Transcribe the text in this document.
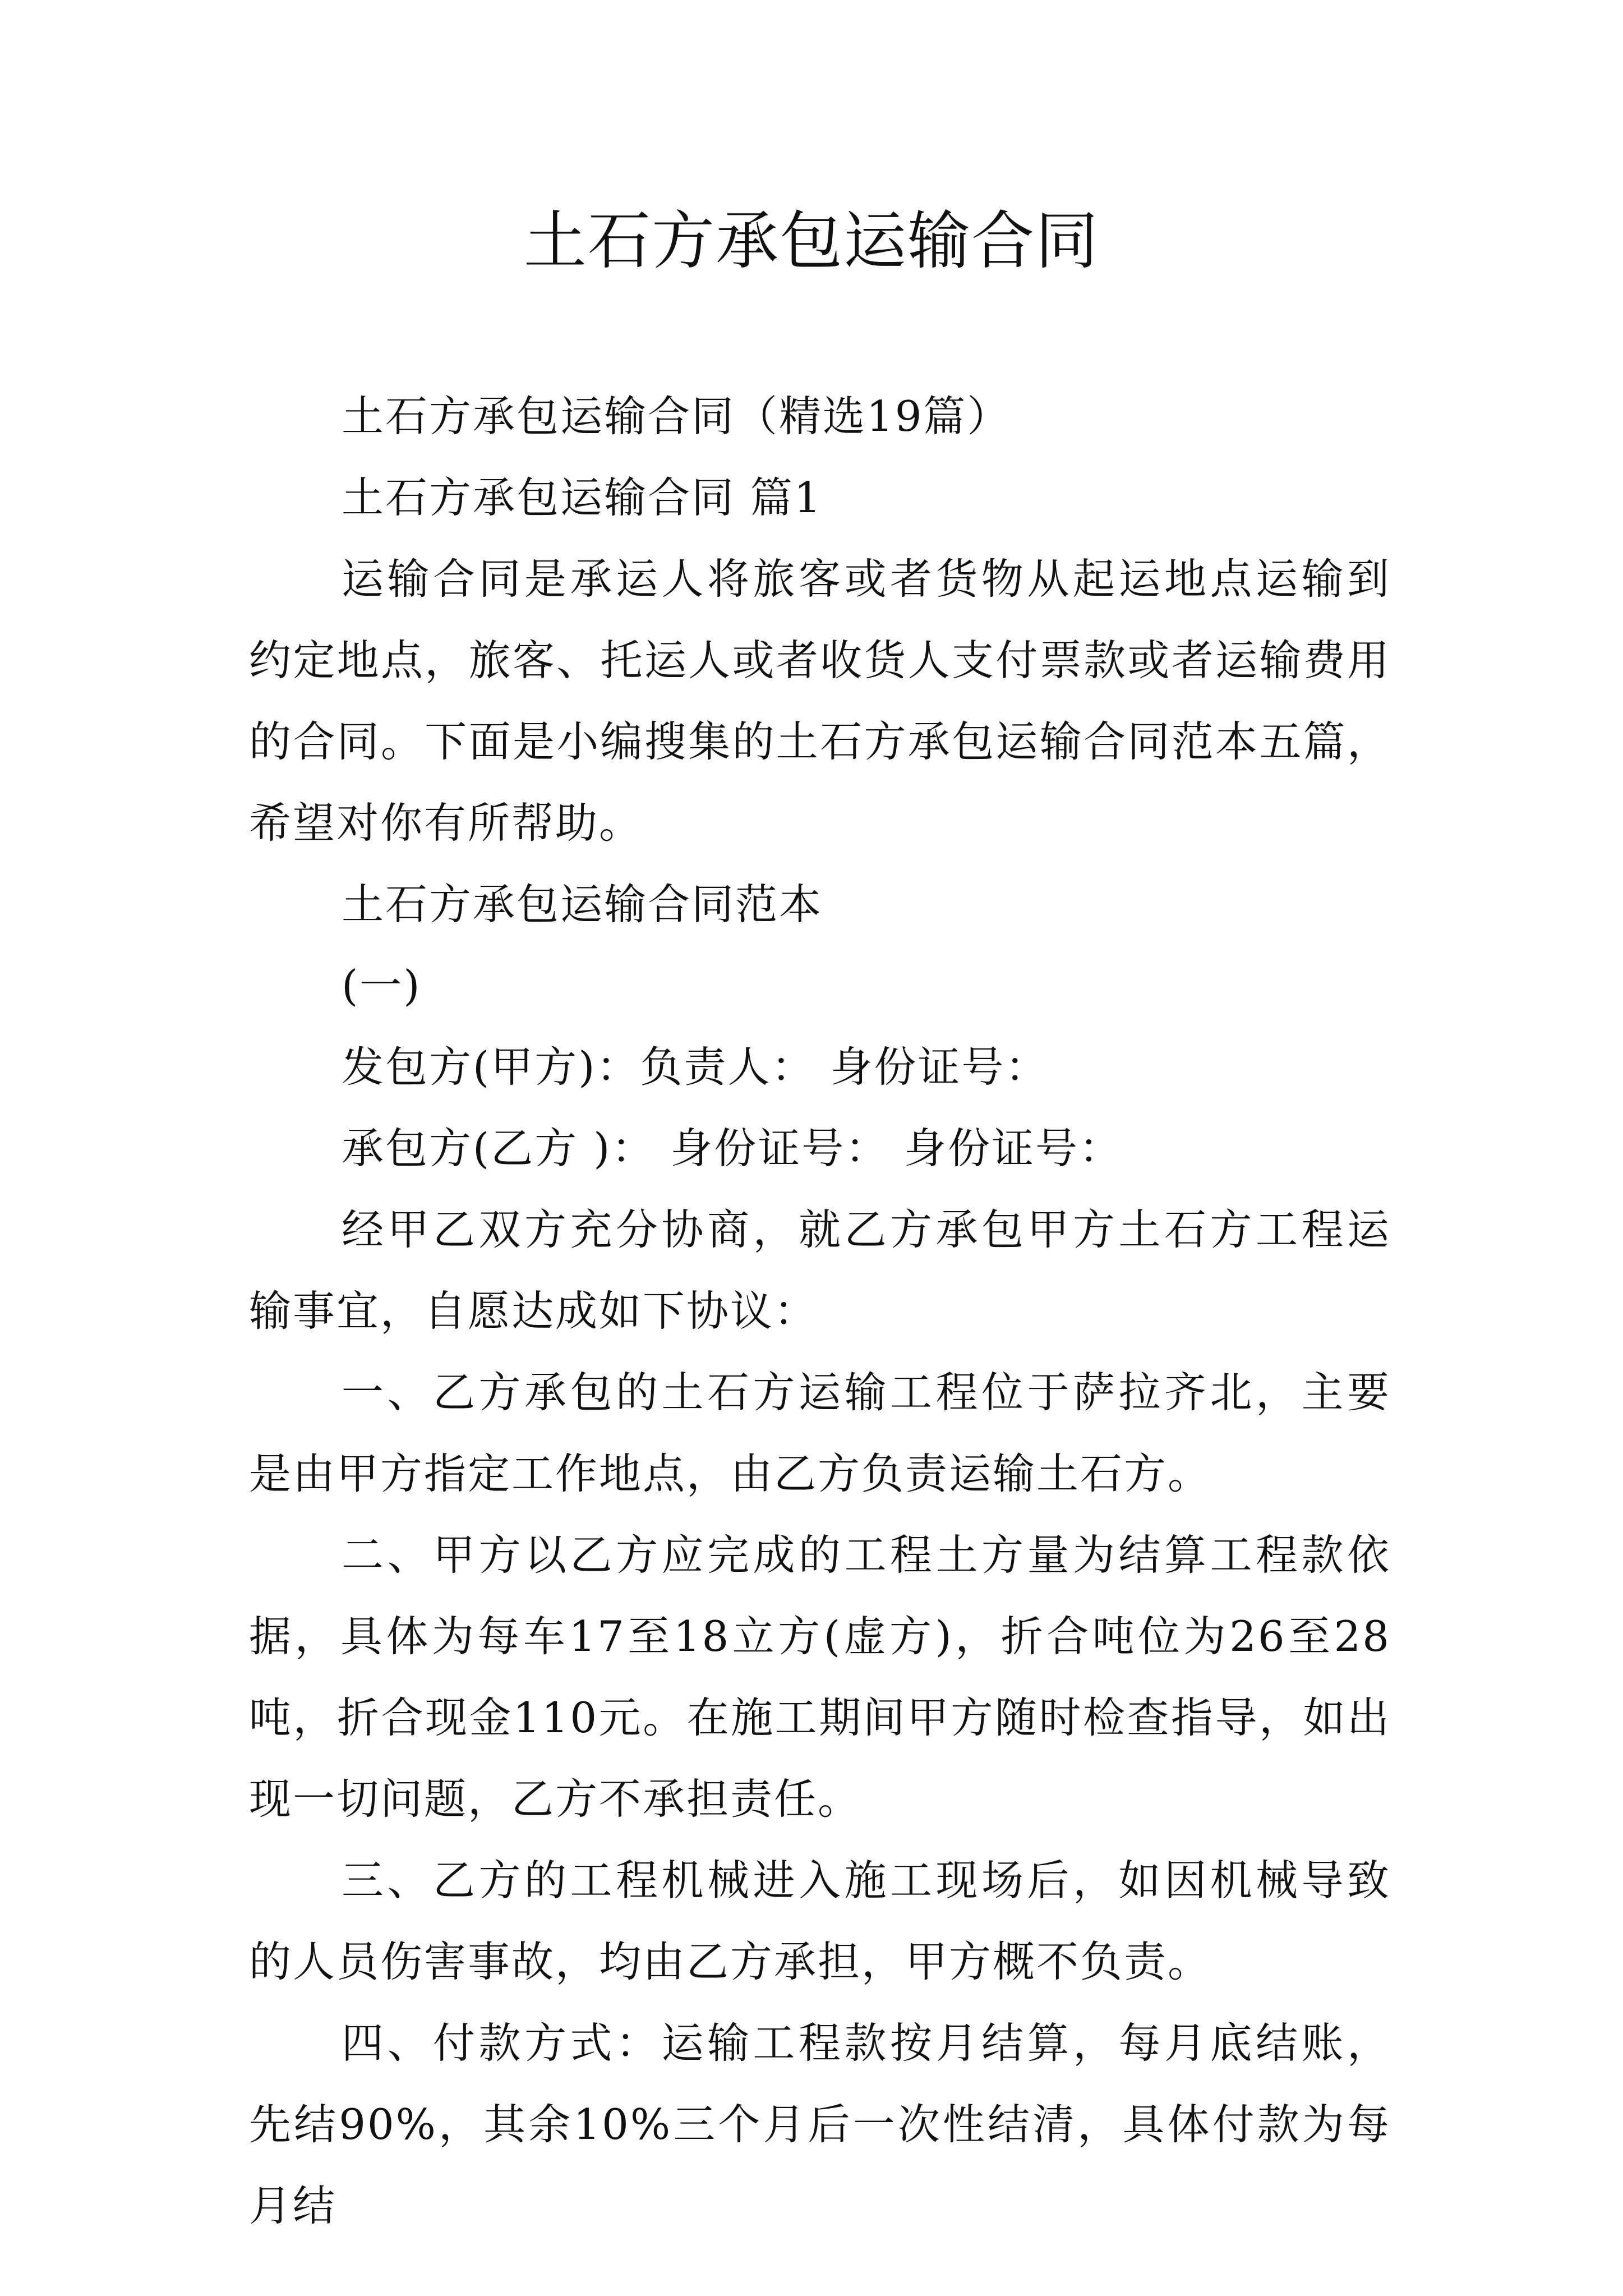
土石方承包运输合同

土石方承包运输合同（精选19篇）

土石方承包运输合同 篇1

运输合同是承运人将旅客或者货物从起运地点运输到约定地点，旅客、托运人或者收货人支付票款或者运输费用的合同。下面是小编搜集的土石方承包运输合同范本五篇，希望对你有所帮助。

土石方承包运输合同范本

(一)

发包方(甲方)：负责人： 身份证号：

承包方(乙方 )： 身份证号： 身份证号：

经甲乙双方充分协商，就乙方承包甲方土石方工程运输事宜，自愿达成如下协议：

一、乙方承包的土石方运输工程位于萨拉齐北，主要是由甲方指定工作地点，由乙方负责运输土石方。

二、甲方以乙方应完成的工程土方量为结算工程款依据，具体为每车17至18立方(虚方)，折合吨位为26至28吨，折合现金110元。在施工期间甲方随时检查指导，如出现一切问题，乙方不承担责任。

三、乙方的工程机械进入施工现场后，如因机械导致的人员伤害事故，均由乙方承担，甲方概不负责。

四、付款方式：运输工程款按月结算，每月底结账，先结90%，其余10%三个月后一次性结清，具体付款为每月结
